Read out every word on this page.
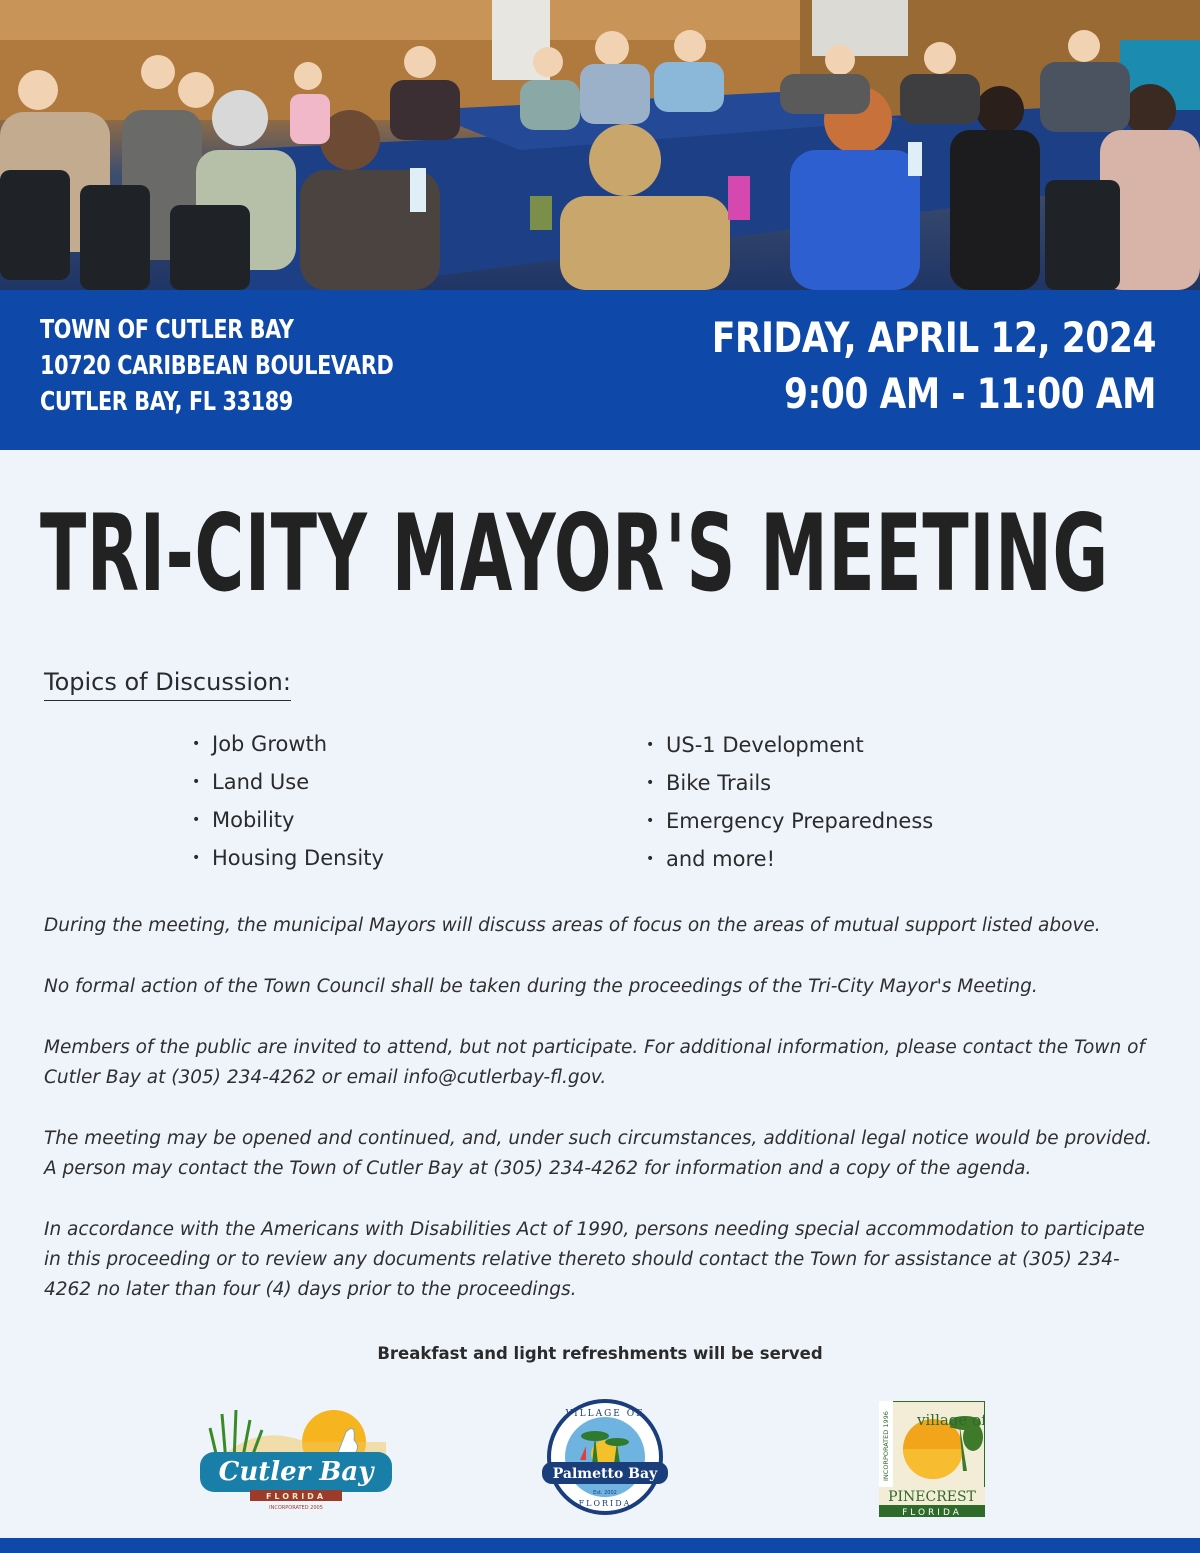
TOWN OF CUTLER BAY
10720 CARIBBEAN BOULEVARD
CUTLER BAY, FL 33189
FRIDAY, APRIL 12, 2024
9:00 AM - 11:00 AM
TRI-CITY MAYOR'S MEETING
Topics of Discussion:
• Job Growth
• Land Use
• Mobility
• Housing Density
• US-1 Development
• Bike Trails
• Emergency Preparedness
• and more!

During the meeting, the municipal Mayors will discuss areas of focus on the areas of mutual support listed above.

No formal action of the Town Council shall be taken during the proceedings of the Tri-City Mayor's Meeting.

Members of the public are invited to attend, but not participate. For additional information, please contact the Town of Cutler Bay at (305) 234-4262 or email info@cutlerbay-fl.gov.

The meeting may be opened and continued, and, under such circumstances, additional legal notice would be provided. A person may contact the Town of Cutler Bay at (305) 234-4262 for information and a copy of the agenda.

In accordance with the Americans with Disabilities Act of 1990, persons needing special accommodation to participate in this proceeding or to review any documents relative thereto should contact the Town for assistance at (305) 234-4262 no later than four (4) days prior to the proceedings.

Breakfast and light refreshments will be served
Cutler Bay
FLORIDA
INCORPORATED 2005
Palmetto Bay
VILLAGE OF
Est. 2002
FLORIDA
INCORPORATED 1996 village of
PINECREST
FLORIDA
